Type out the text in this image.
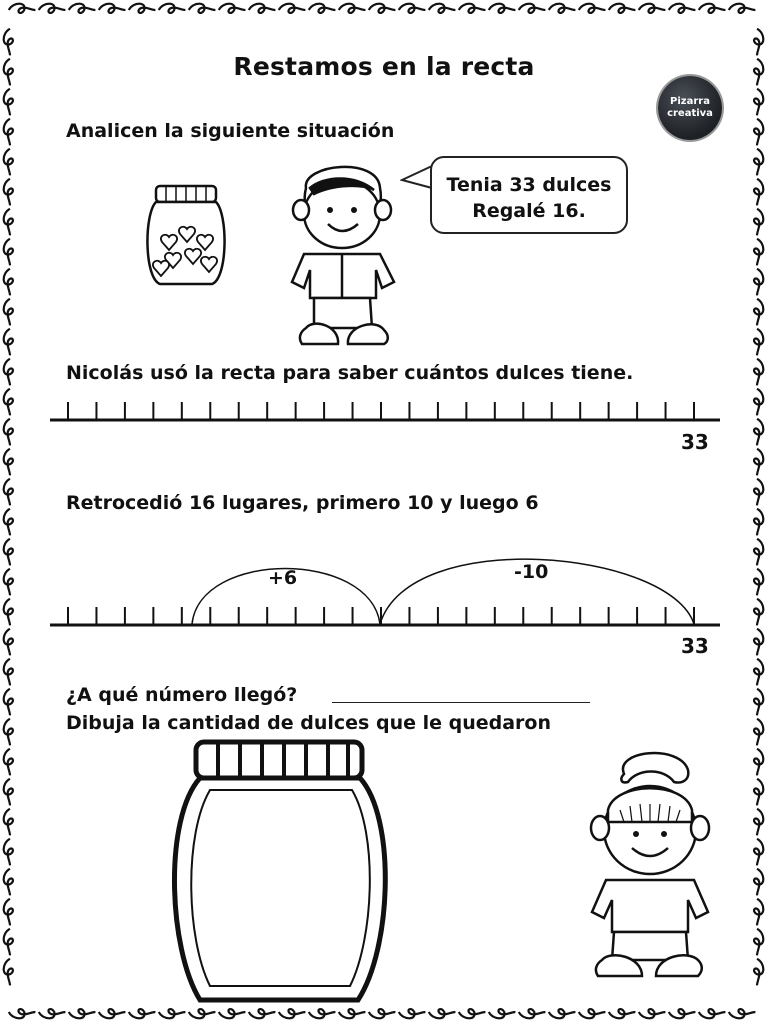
Restamos en la recta
Pizarra
creativa
Analicen la siguiente situación
Tenia 33 dulces
Regalé 16.
Nicolás usó la recta para saber cuántos dulces tiene.
33
Retrocedió 16 lugares, primero 10 y luego 6
+6	-10
33
¿A qué número llegó?
Dibuja la cantidad de dulces que le quedaron
